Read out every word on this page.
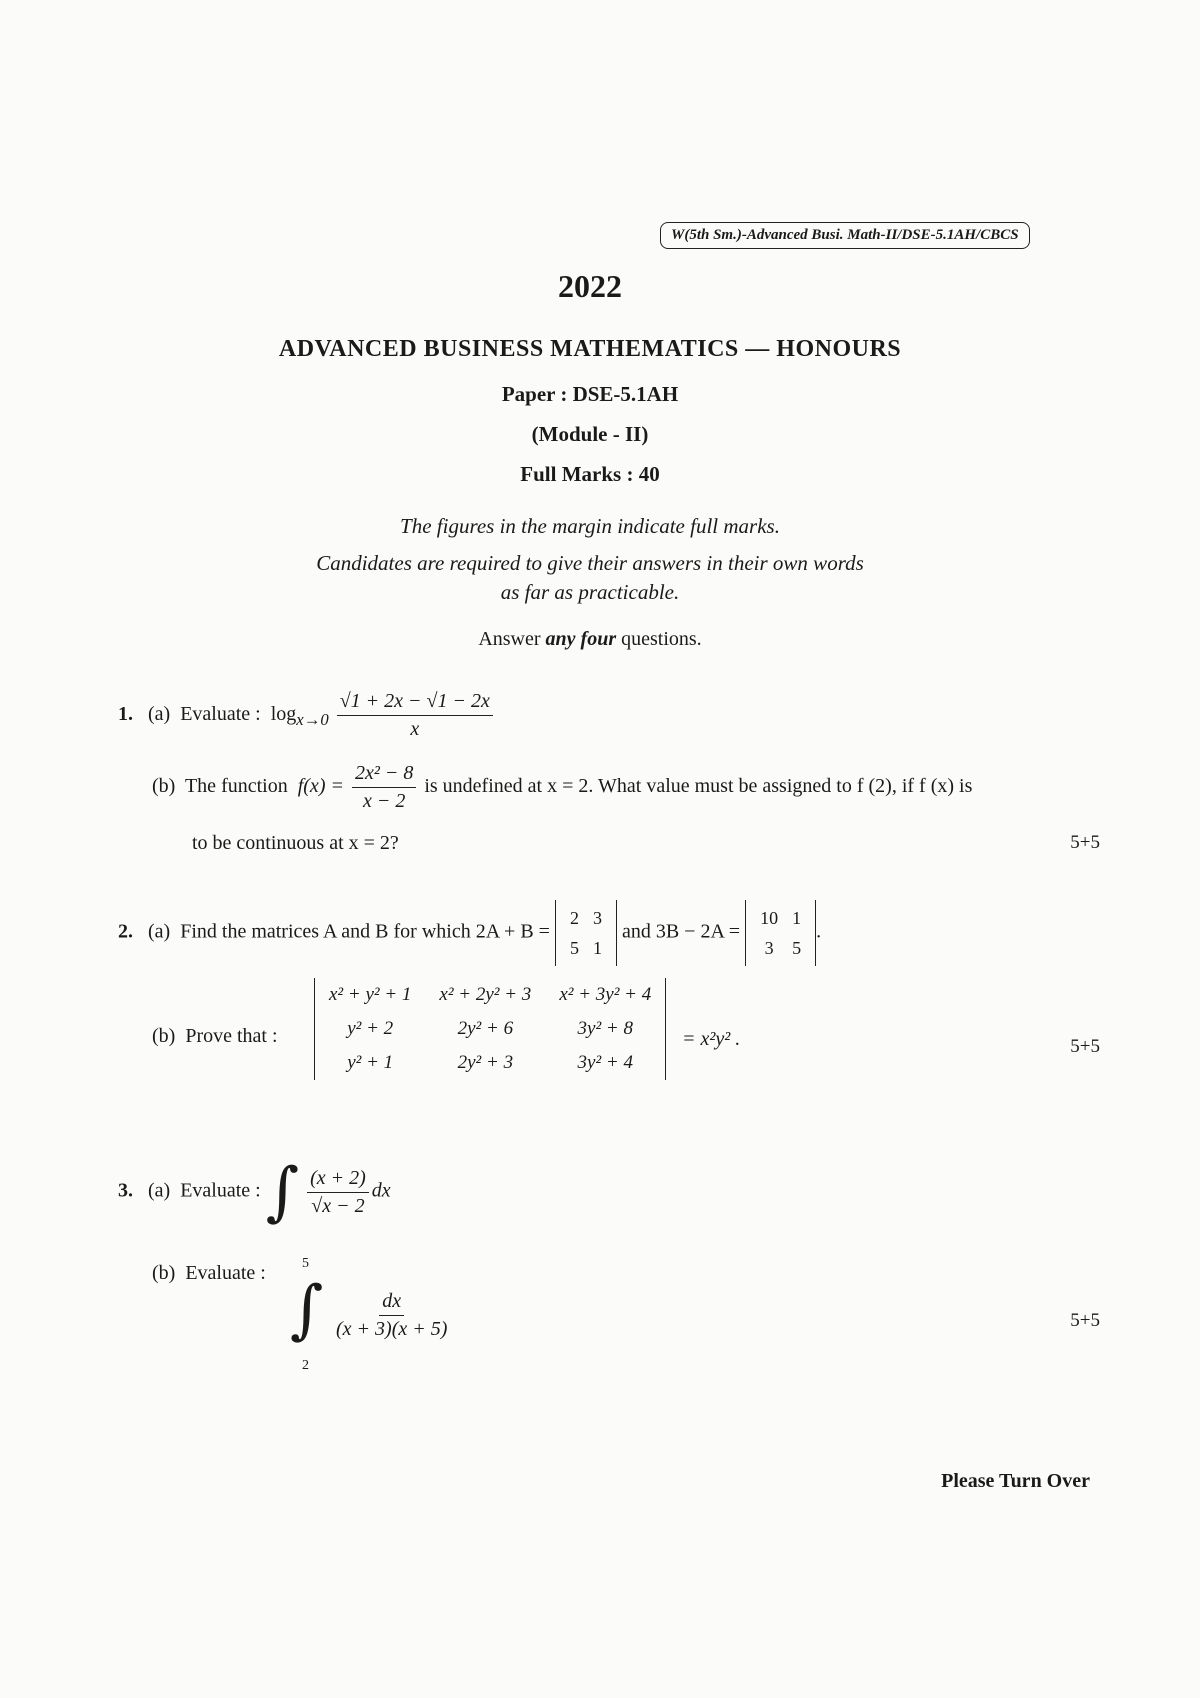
W(5th Sm.)-Advanced Busi. Math-II/DSE-5.1AH/CBCS
2022
ADVANCED BUSINESS MATHEMATICS — HONOURS
Paper : DSE-5.1AH
(Module - II)
Full Marks : 40
The figures in the margin indicate full marks.
Candidates are required to give their answers in their own words
as far as practicable.
Answer any four questions.
1. (a) Evaluate : $\log_{x\to 0} \frac{√1 + 2x - √1 - 2x}{x}$
(b) The function $f(x) = \frac{\text{2x² − 8}}{x - 2}$ is undefined at x = 2. What value must be assigned to f (2), if f (x) is
to be continuous at x = 2?	5+5
2. (a) Find the matrices A and B for which 2A + B =
2	3
5	1
and 3B − 2A =
10	1
3	5
.
(b) Prove that :
x² + y² + 1	x² + 2y² + 3	x² + 3y² + 4
y² + 2	2y² + 6	3y² + 8
y² + 1	2y² + 3	3y² + 4
= x²y² .	5+5
3. (a) Evaluate : ∫ $\frac{(x + 2)}{√x - 2}$ dx
(b) Evaluate :	5
∫
2
$\frac{dx}{(x + 3)(x + 5)}$	5+5
Please Turn Over
